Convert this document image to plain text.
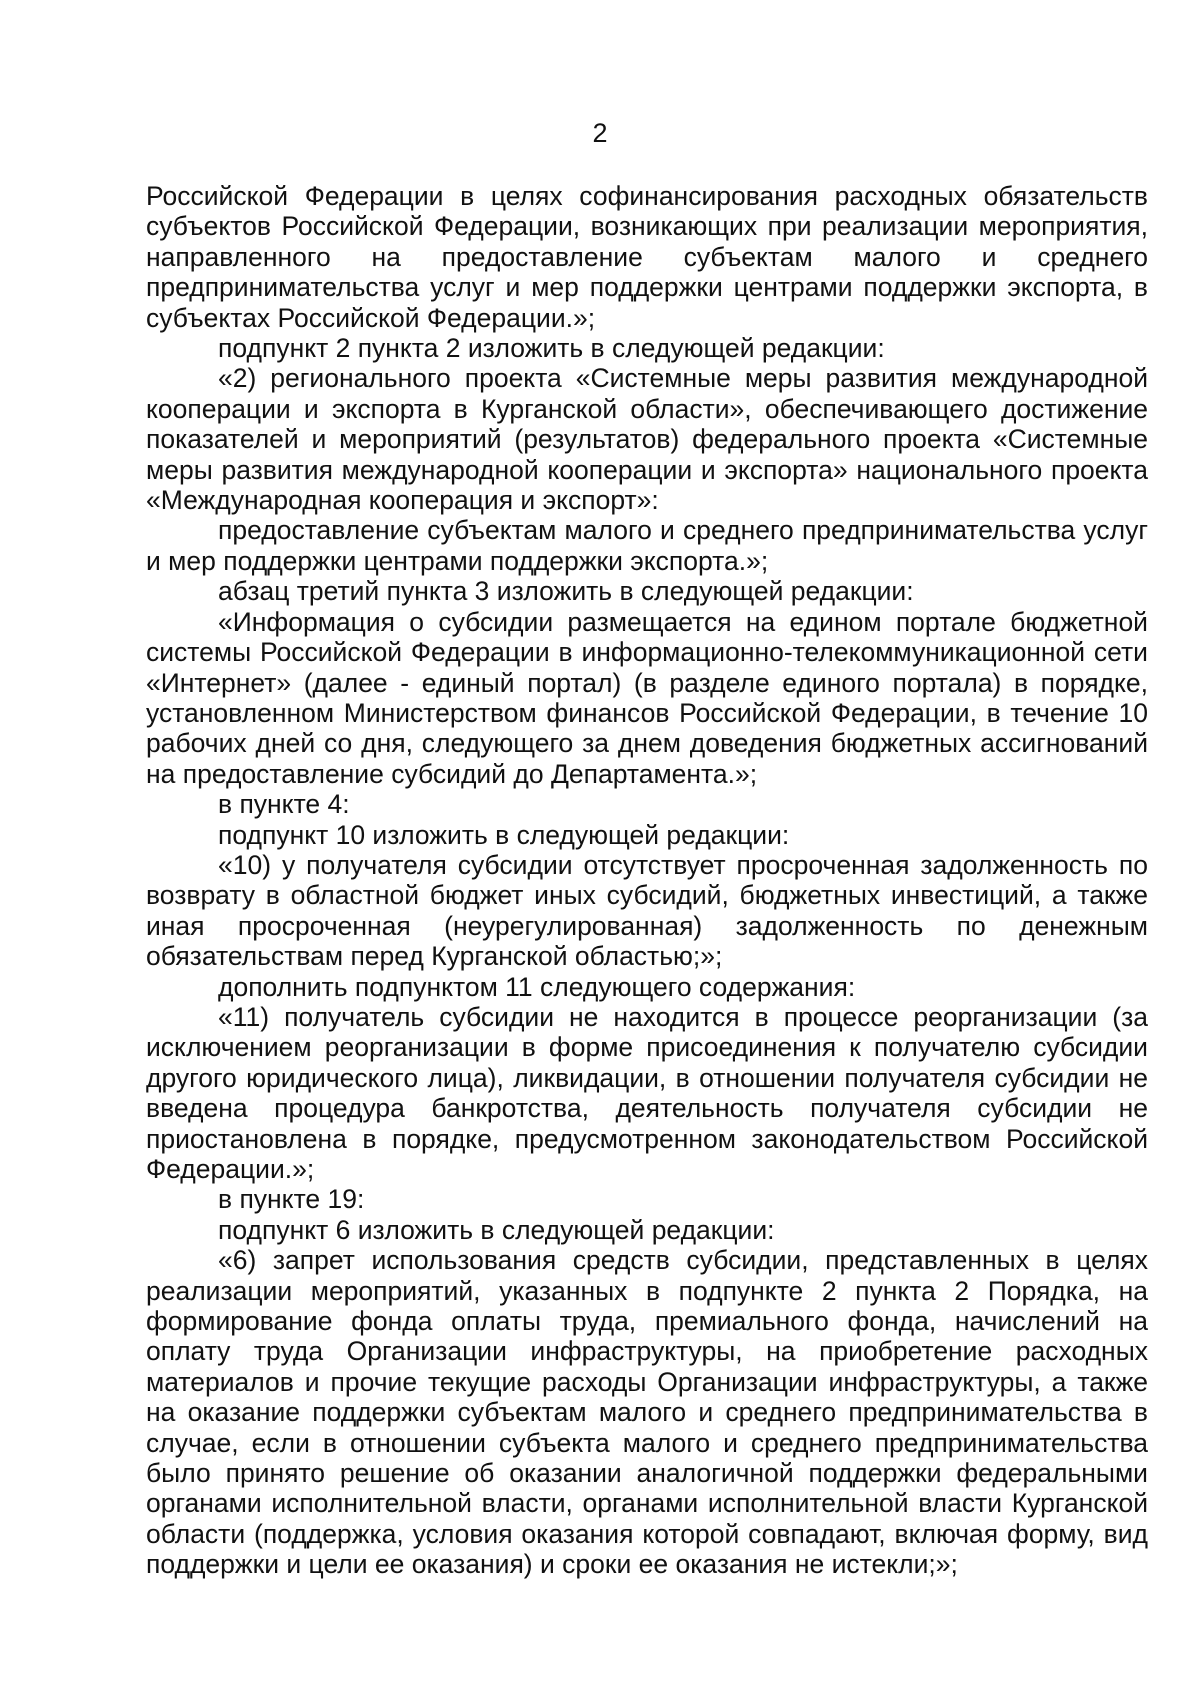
2

Российской Федерации в целях софинансирования расходных обязательств субъектов Российской Федерации, возникающих при реализации мероприятия, направленного на предоставление субъектам малого и среднего предпринимательства услуг и мер поддержки центрами поддержки экспорта, в субъектах Российской Федерации.»;

подпункт 2 пункта 2 изложить в следующей редакции:

«2) регионального проекта «Системные меры развития международной кооперации и экспорта в Курганской области», обеспечивающего достижение показателей и мероприятий (результатов) федерального проекта «Системные меры развития международной кооперации и экспорта» национального проекта «Международная кооперация и экспорт»:

предоставление субъектам малого и среднего предпринимательства услуг и мер поддержки центрами поддержки экспорта.»;

абзац третий пункта 3 изложить в следующей редакции:

«Информация о субсидии размещается на едином портале бюджетной системы Российской Федерации в информационно-телекоммуникационной сети «Интернет» (далее - единый портал) (в разделе единого портала) в порядке, установленном Министерством финансов Российской Федерации, в течение 10 рабочих дней со дня, следующего за днем доведения бюджетных ассигнований на предоставление субсидий до Департамента.»;

в пункте 4:

подпункт 10 изложить в следующей редакции:

«10) у получателя субсидии отсутствует просроченная задолженность по возврату в областной бюджет иных субсидий, бюджетных инвестиций, а также иная просроченная (неурегулированная) задолженность по денежным обязательствам перед Курганской областью;»;

дополнить подпунктом 11 следующего содержания:

«11) получатель субсидии не находится в процессе реорганизации (за исключением реорганизации в форме присоединения к получателю субсидии другого юридического лица), ликвидации, в отношении получателя субсидии не введена процедура банкротства, деятельность получателя субсидии не приостановлена в порядке, предусмотренном законодательством Российской Федерации.»;

в пункте 19:

подпункт 6 изложить в следующей редакции:

«6) запрет использования средств субсидии, представленных в целях реализации мероприятий, указанных в подпункте 2 пункта 2 Порядка, на формирование фонда оплаты труда, премиального фонда, начислений на оплату труда Организации инфраструктуры, на приобретение расходных материалов и прочие текущие расходы Организации инфраструктуры, а также на оказание поддержки субъектам малого и среднего предпринимательства в случае, если в отношении субъекта малого и среднего предпринимательства было принято решение об оказании аналогичной поддержки федеральными органами исполнительной власти, органами исполнительной власти Курганской области (поддержка, условия оказания которой совпадают, включая форму, вид поддержки и цели ее оказания) и сроки ее оказания не истекли;»;
